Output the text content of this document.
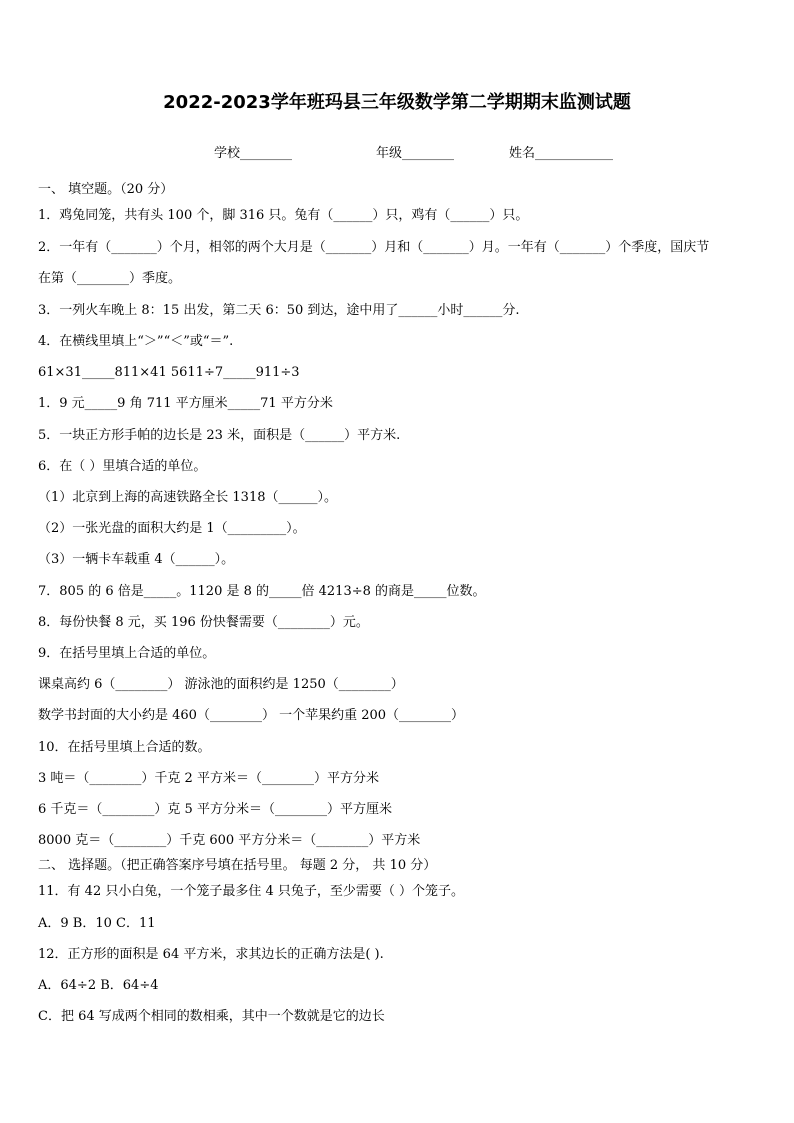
2022-2023学年班玛县三年级数学第二学期期末监测试题
学校________	年级________	姓名____________
一、 填空题。（20 分）
1．鸡兔同笼，共有头 100 个，脚 316 只。兔有（______）只，鸡有（______）只。
2．一年有（_______）个月，相邻的两个大月是（_______）月和（_______）月。一年有（_______）个季度，国庆节
在第（________）季度。
3．一列火车晚上 8：15 出发，第二天 6：50 到达，途中用了______小时______分.
4．在横线里填上“＞”“＜”或“＝”.
61×31_____811×41 5611÷7_____911÷3
1．9 元_____9 角 711 平方厘米_____71 平方分米
5．一块正方形手帕的边长是 23 米，面积是（______）平方米.
6．在（ ）里填合适的单位。
（1）北京到上海的高速铁路全长 1318（______）。
（2）一张光盘的面积大约是 1（_________）。
（3）一辆卡车载重 4（______）。
7．805 的 6 倍是_____。1120 是 8 的_____倍 4213÷8 的商是_____位数。
8．每份快餐 8 元，买 196 份快餐需要（________）元。
9．在括号里填上合适的单位。
课桌高约 6（________） 游泳池的面积约是 1250（________）
数学书封面的大小约是 460（________） 一个苹果约重 200（________）
10．在括号里填上合适的数。
3 吨＝（________）千克 2 平方米＝（________）平方分米
6 千克＝（________）克 5 平方分米＝（________）平方厘米
8000 克＝（________）千克 600 平方分米＝（________）平方米
二、 选择题。（把正确答案序号填在括号里。 每题 2 分， 共 10 分）
11．有 42 只小白兔，一个笼子最多住 4 只兔子，至少需要（ ）个笼子。
A．9 B．10 C．11
12．正方形的面积是 64 平方米，求其边长的正确方法是( ).
A．64÷2 B．64÷4
C．把 64 写成两个相同的数相乘，其中一个数就是它的边长
